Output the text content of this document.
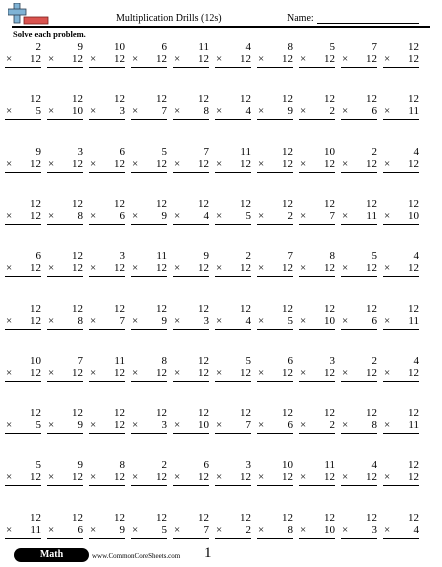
Multiplication Drills (12s)	Name:
Solve each problem.
2
× 12
9
× 12
10
× 12
6
× 12
11
× 12
4
× 12
8
× 12
5
× 12
7
× 12
12
× 12
12
× 5
12
× 10
12
× 3
12
× 7
12
× 8
12
× 4
12
× 9
12
× 2
12
× 6
12
× 11
9
× 12
3
× 12
6
× 12
5
× 12
7
× 12
11
× 12
12
× 12
10
× 12
2
× 12
4
× 12
12
× 12
12
× 8
12
× 6
12
× 9
12
× 4
12
× 5
12
× 2
12
× 7
12
× 11
12
× 10
6
× 12
12
× 12
3
× 12
11
× 12
9
× 12
2
× 12
7
× 12
8
× 12
5
× 12
4
× 12
12
× 12
12
× 8
12
× 7
12
× 9
12
× 3
12
× 4
12
× 5
12
× 10
12
× 6
12
× 11
10
× 12
7
× 12
11
× 12
8
× 12
12
× 12
5
× 12
6
× 12
3
× 12
2
× 12
4
× 12
12
× 5
12
× 9
12
× 12
12
× 3
12
× 10
12
× 7
12
× 6
12
× 2
12
× 8
12
× 11
5
× 12
9
× 12
8
× 12
2
× 12
6
× 12
3
× 12
10
× 12
11
× 12
4
× 12
12
× 12
12
× 11
12
× 6
12
× 9
12
× 5
12
× 7
12
× 2
12
× 8
12
× 10
12
× 3
12
× 4
Math	www.CommonCoreSheets.com 1
